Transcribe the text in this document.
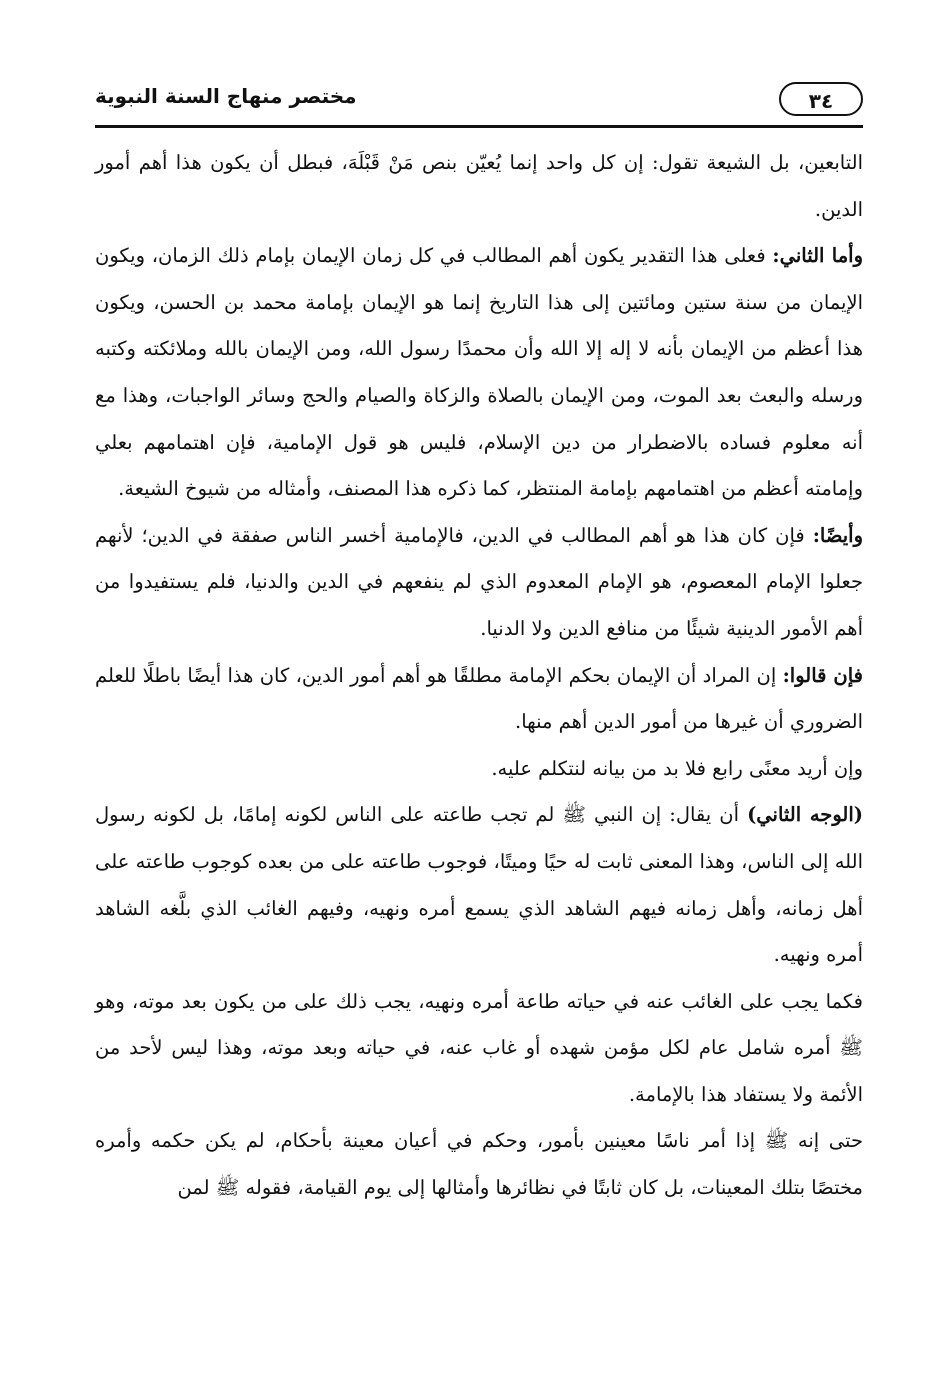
مختصر منهاج السنة النبوية	٣٤

التابعين، بل الشيعة تقول: إن كل واحد إنما يُعيّن بنص مَنْ قَبْلَهَ، فبطل أن يكون هذا أهم أمور الدين.

وأما الثاني: فعلى هذا التقدير يكون أهم المطالب في كل زمان الإيمان بإمام ذلك الزمان، ويكون الإيمان من سنة ستين ومائتين إلى هذا التاريخ إنما هو الإيمان بإمامة محمد بن الحسن، ويكون هذا أعظم من الإيمان بأنه لا إله إلا الله وأن محمدًا رسول الله، ومن الإيمان بالله وملائكته وكتبه ورسله والبعث بعد الموت، ومن الإيمان بالصلاة والزكاة والصيام والحج وسائر الواجبات، وهذا مع أنه معلوم فساده بالاضطرار من دين الإسلام، فليس هو قول الإمامية، فإن اهتمامهم بعلي وإمامته أعظم من اهتمامهم بإمامة المنتظر، كما ذكره هذا المصنف، وأمثاله من شيوخ الشيعة.

وأيضًا: فإن كان هذا هو أهم المطالب في الدين، فالإمامية أخسر الناس صفقة في الدين؛ لأنهم جعلوا الإمام المعصوم، هو الإمام المعدوم الذي لم ينفعهم في الدين والدنيا، فلم يستفيدوا من أهم الأمور الدينية شيئًا من منافع الدين ولا الدنيا.

فإن قالوا: إن المراد أن الإيمان بحكم الإمامة مطلقًا هو أهم أمور الدين، كان هذا أيضًا باطلًا للعلم الضروري أن غيرها من أمور الدين أهم منها.

وإن أريد معنًى رابع فلا بد من بيانه لنتكلم عليه.

(الوجه الثاني) أن يقال: إن النبي ﷺ لم تجب طاعته على الناس لكونه إمامًا، بل لكونه رسول الله إلى الناس، وهذا المعنى ثابت له حيًا وميتًا، فوجوب طاعته على من بعده كوجوب طاعته على أهل زمانه، وأهل زمانه فيهم الشاهد الذي يسمع أمره ونهيه، وفيهم الغائب الذي بلَّغه الشاهد أمره ونهيه.

فكما يجب على الغائب عنه في حياته طاعة أمره ونهيه، يجب ذلك على من يكون بعد موته، وهو ﷺ أمره شامل عام لكل مؤمن شهده أو غاب عنه، في حياته وبعد موته، وهذا ليس لأحد من الأئمة ولا يستفاد هذا بالإمامة.

حتى إنه ﷺ إذا أمر ناسًا معينين بأمور، وحكم في أعيان معينة بأحكام، لم يكن حكمه وأمره مختصًا بتلك المعينات، بل كان ثابتًا في نظائرها وأمثالها إلى يوم القيامة، فقوله ﷺ لمن
